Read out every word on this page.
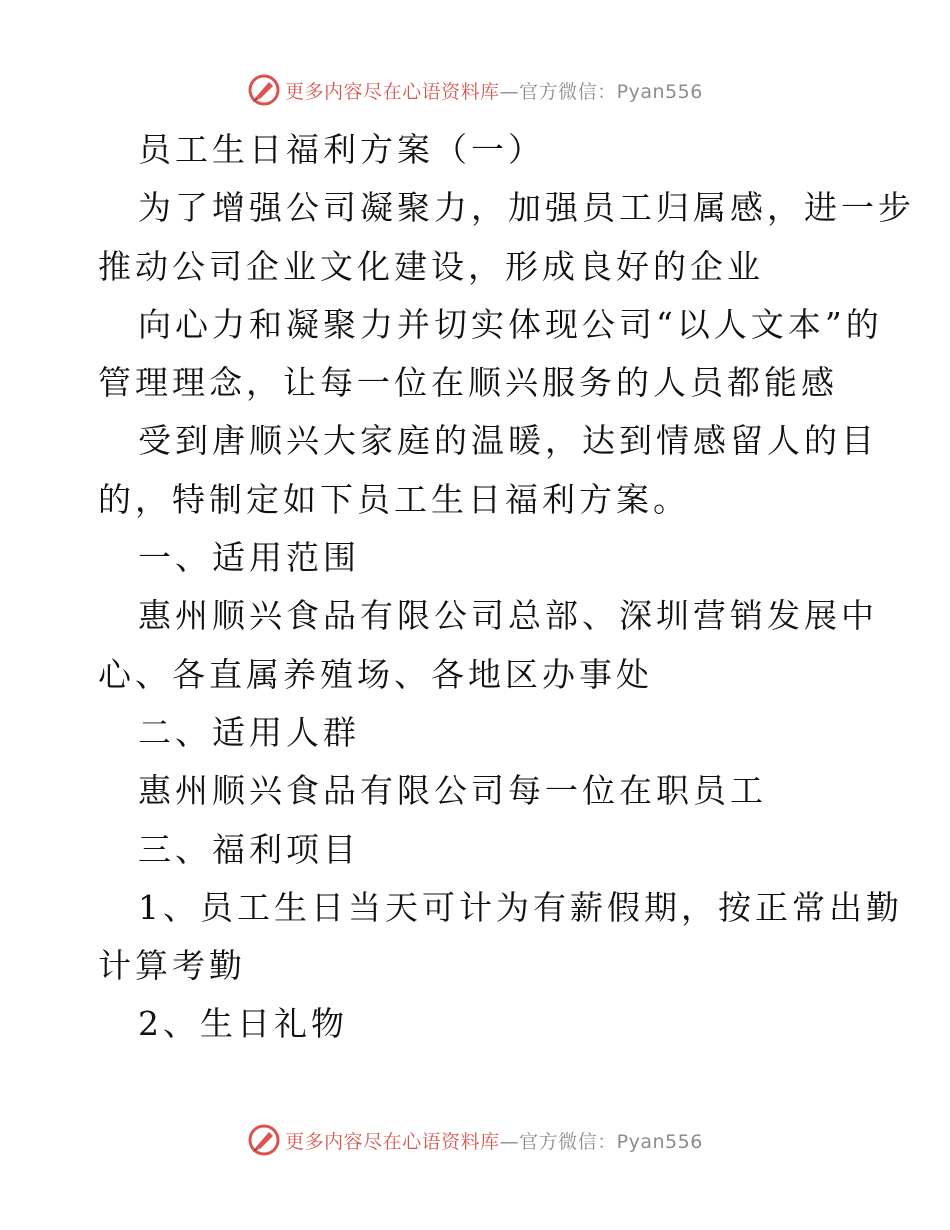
更多内容尽在心语资料库—官方微信：Pyan556
员工生日福利方案（一）
为了增强公司凝聚力，加强员工归属感，进一步
推动公司企业文化建设，形成良好的企业
向心力和凝聚力并切实体现公司“以人文本”的
管理理念，让每一位在顺兴服务的人员都能感
受到唐顺兴大家庭的温暖，达到情感留人的目
的，特制定如下员工生日福利方案。
一、适用范围
惠州顺兴食品有限公司总部、深圳营销发展中
心、各直属养殖场、各地区办事处
二、适用人群
惠州顺兴食品有限公司每一位在职员工
三、福利项目
1、员工生日当天可计为有薪假期，按正常出勤
计算考勤
2、生日礼物
更多内容尽在心语资料库—官方微信：Pyan556
